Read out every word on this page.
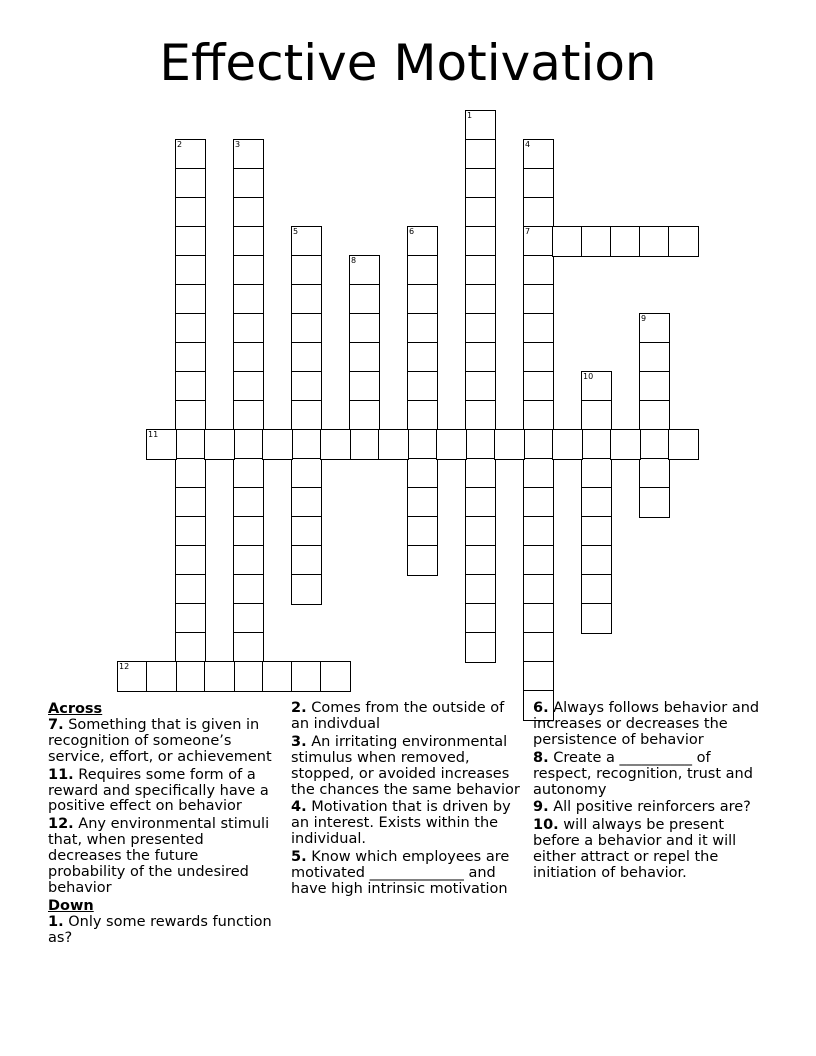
Effective Motivation
1
2	3	4
7
5	6
8
9
10
11
12
Across
7. Something that is given in recognition of someone’s service, effort, or achievement
11. Requires some form of a reward and specifically have a positive effect on behavior
12. Any environmental stimuli that, when presented decreases the future probability of the undesired behavior
Down
1. Only some rewards function as?
2. Comes from the outside of an indivdual
3. An irritating environmental stimulus when removed, stopped, or avoided increases the chances the same behavior
4. Motivation that is driven by an interest. Exists within the individual.
5. Know which employees are motivated _____________ and have high intrinsic motivation
6. Always follows behavior and increases or decreases the persistence of behavior
8. Create a __________ of respect, recognition, trust and autonomy
9. All positive reinforcers are?
10. will always be present before a behavior and it will either attract or repel the initiation of behavior.
